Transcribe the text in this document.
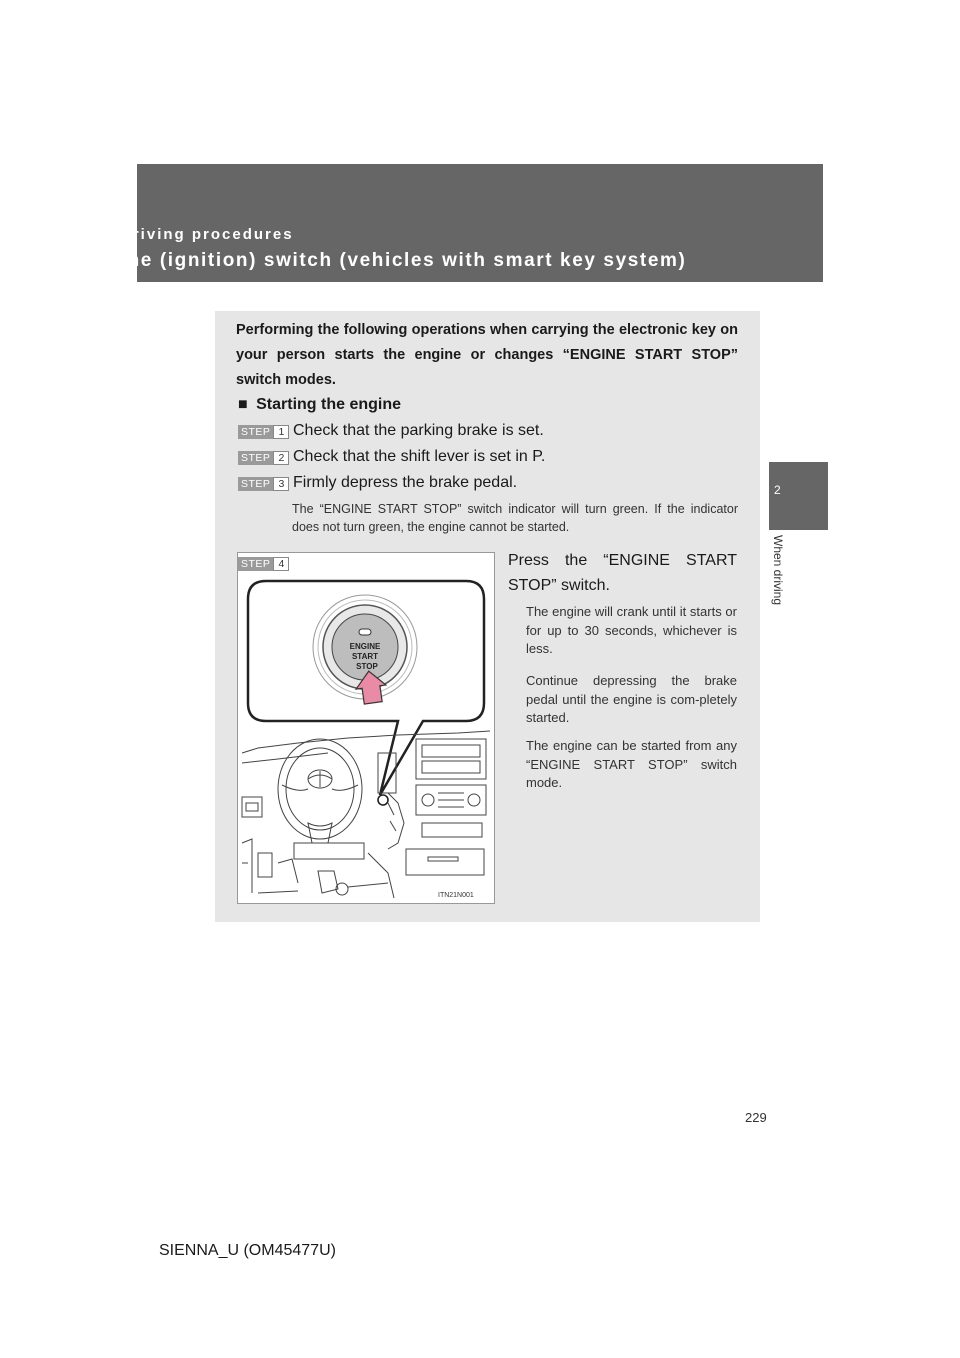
2-1. Driving procedures
Engine (ignition) switch (vehicles with smart key system)
2
When driving
Performing the following operations when carrying the electronic key on your person starts the engine or changes “ENGINE START STOP” switch modes.
■ Starting the engine
STEP 1 Check that the parking brake is set.
STEP 2 Check that the shift lever is set in P.
STEP 3 Firmly depress the brake pedal.
The “ENGINE START STOP” switch indicator will turn green. If the indicator does not turn green, the engine cannot be started.
ENGINE
START
STOP
ITN21N001
STEP 4	Press the “ENGINE START STOP” switch.
The engine will crank until it starts or for up to 30 seconds, whichever is less.
Continue depressing the brake pedal until the engine is com-pletely started.
The engine can be started from any “ENGINE START STOP” switch mode.
229
SIENNA_U (OM45477U)
